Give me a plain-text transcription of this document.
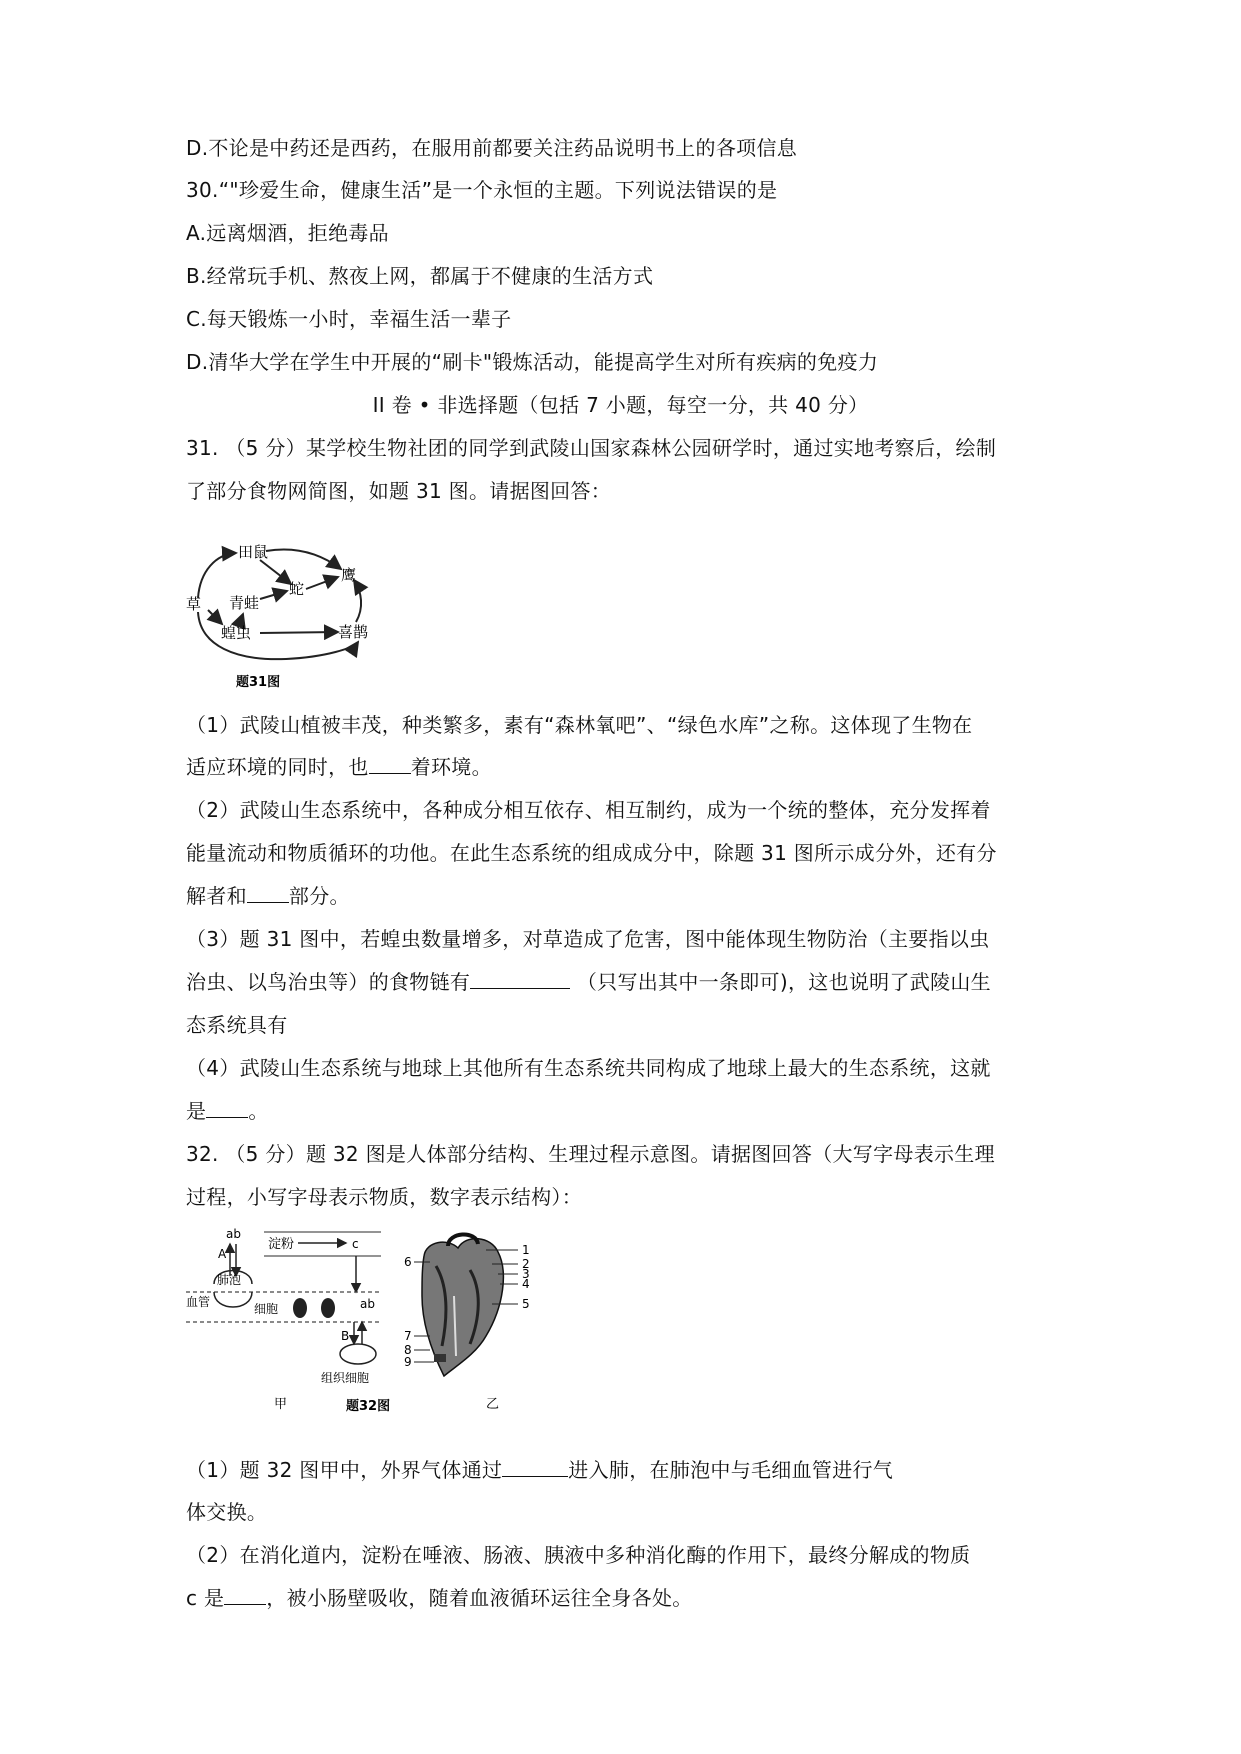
D.不论是中药还是西药，在服用前都要关注药品说明书上的各项信息
30.“"珍爱生命，健康生活”是一个永恒的主题。下列说法错误的是
A.远离烟酒，拒绝毒品
B.经常玩手机、熬夜上网，都属于不健康的生活方式
C.每天锻炼一小时，幸福生活一辈子
D.清华大学在学生中开展的“刷卡"锻炼活动，能提高学生对所有疾病的免疫力
II 卷 • 非选择题（包括 7 小题，每空一分，共 40 分）
31. （5 分）某学校生物社团的同学到武陵山国家森林公园研学时，通过实地考察后，绘制
了部分食物网简图，如题 31 图。请据图回答：
田鼠
鹰
蛇
草 青蛙
蝗虫	喜鹊
题31图
（1）武陵山植被丰茂，种类繁多，素有“森林氧吧”、“绿色水库”之称。这体现了生物在
适应环境的同时，也 着环境。
（2）武陵山生态系统中，各种成分相互依存、相互制约，成为一个统的整体，充分发挥着
能量流动和物质循环的功他。在此生态系统的组成成分中，除题 31 图所示成分外，还有分
解者和 部分。
（3）题 31 图中，若蝗虫数量增多，对草造成了危害，图中能体现生物防治（主要指以虫
治虫、以鸟治虫等）的食物链有	（只写出其中一条即可)，这也说明了武陵山生
态系统具有
（4）武陵山生态系统与地球上其他所有生态系统共同构成了地球上最大的生态系统，这就
是 。
32. （5 分）题 32 图是人体部分结构、生理过程示意图。请据图回答（大写字母表示生理
过程，小写字母表示物质，数字表示结构）：
ab
A
淀粉	c
肺泡
血管	细胞	ab
B
组织细胞
甲	题32图
1
2
3
4
5
6
7
8
9
乙
（1）题 32 图甲中，外界气体通过	进入肺，在肺泡中与毛细血管进行气
体交换。
（2）在消化道内，淀粉在唾液、肠液、胰液中多种消化酶的作用下，最终分解成的物质
c 是 ，被小肠壁吸收，随着血液循环运往全身各处。
